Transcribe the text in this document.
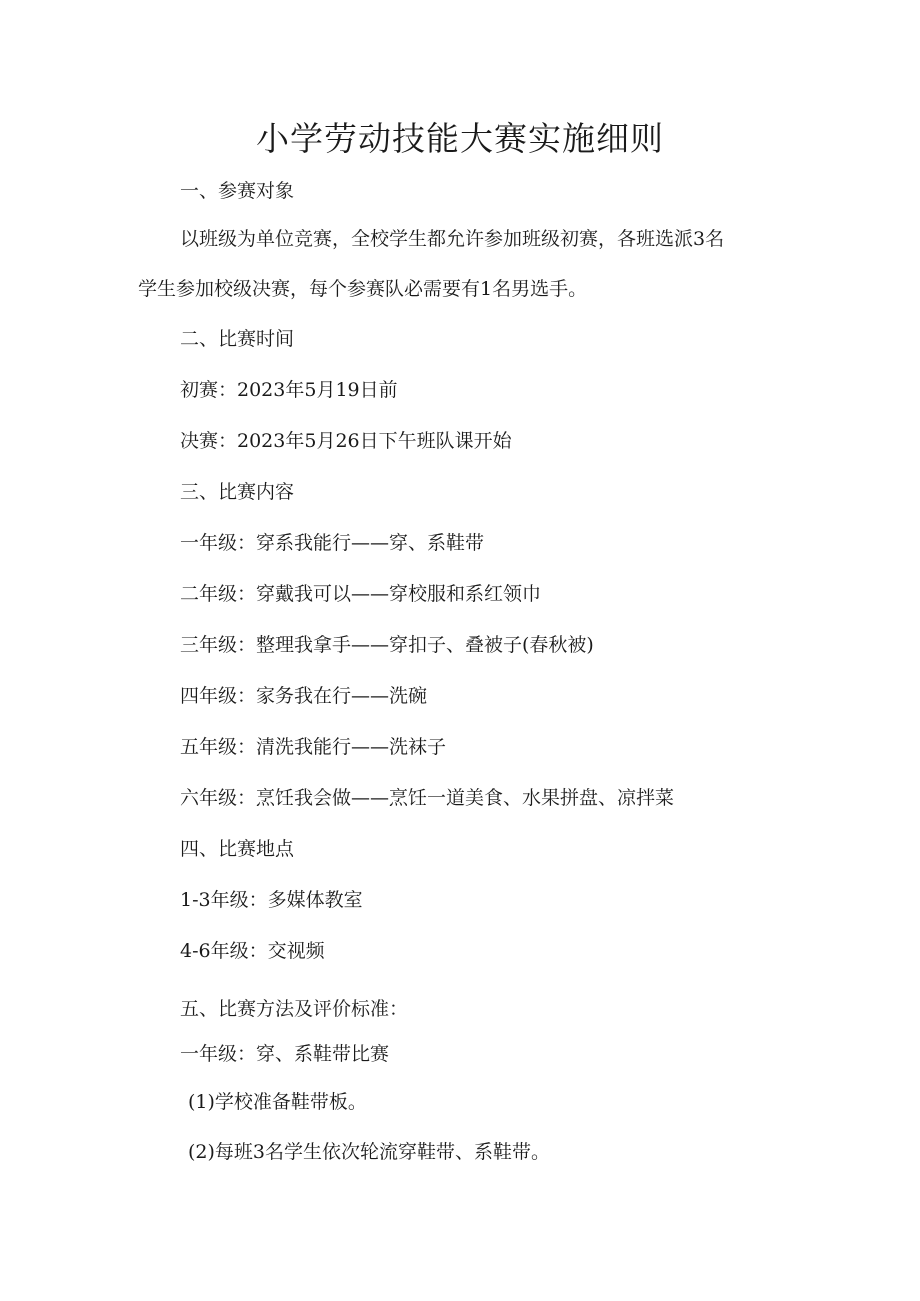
小学劳动技能大赛实施细则
一、参赛对象
以班级为单位竞赛，全校学生都允许参加班级初赛，各班选派3名
学生参加校级决赛，每个参赛队必需要有1名男选手。
二、比赛时间
初赛：2023年5月19日前
决赛：2023年5月26日下午班队课开始
三、比赛内容
一年级：穿系我能行——穿、系鞋带
二年级：穿戴我可以——穿校服和系红领巾
三年级：整理我拿手——穿扣子、叠被子(春秋被)
四年级：家务我在行——洗碗
五年级：清洗我能行——洗袜子
六年级：烹饪我会做——烹饪一道美食、水果拼盘、凉拌菜
四、比赛地点
1-3年级：多媒体教室
4-6年级：交视频
五、比赛方法及评价标准：
一年级：穿、系鞋带比赛
(1)学校准备鞋带板。
(2)每班3名学生依次轮流穿鞋带、系鞋带。
